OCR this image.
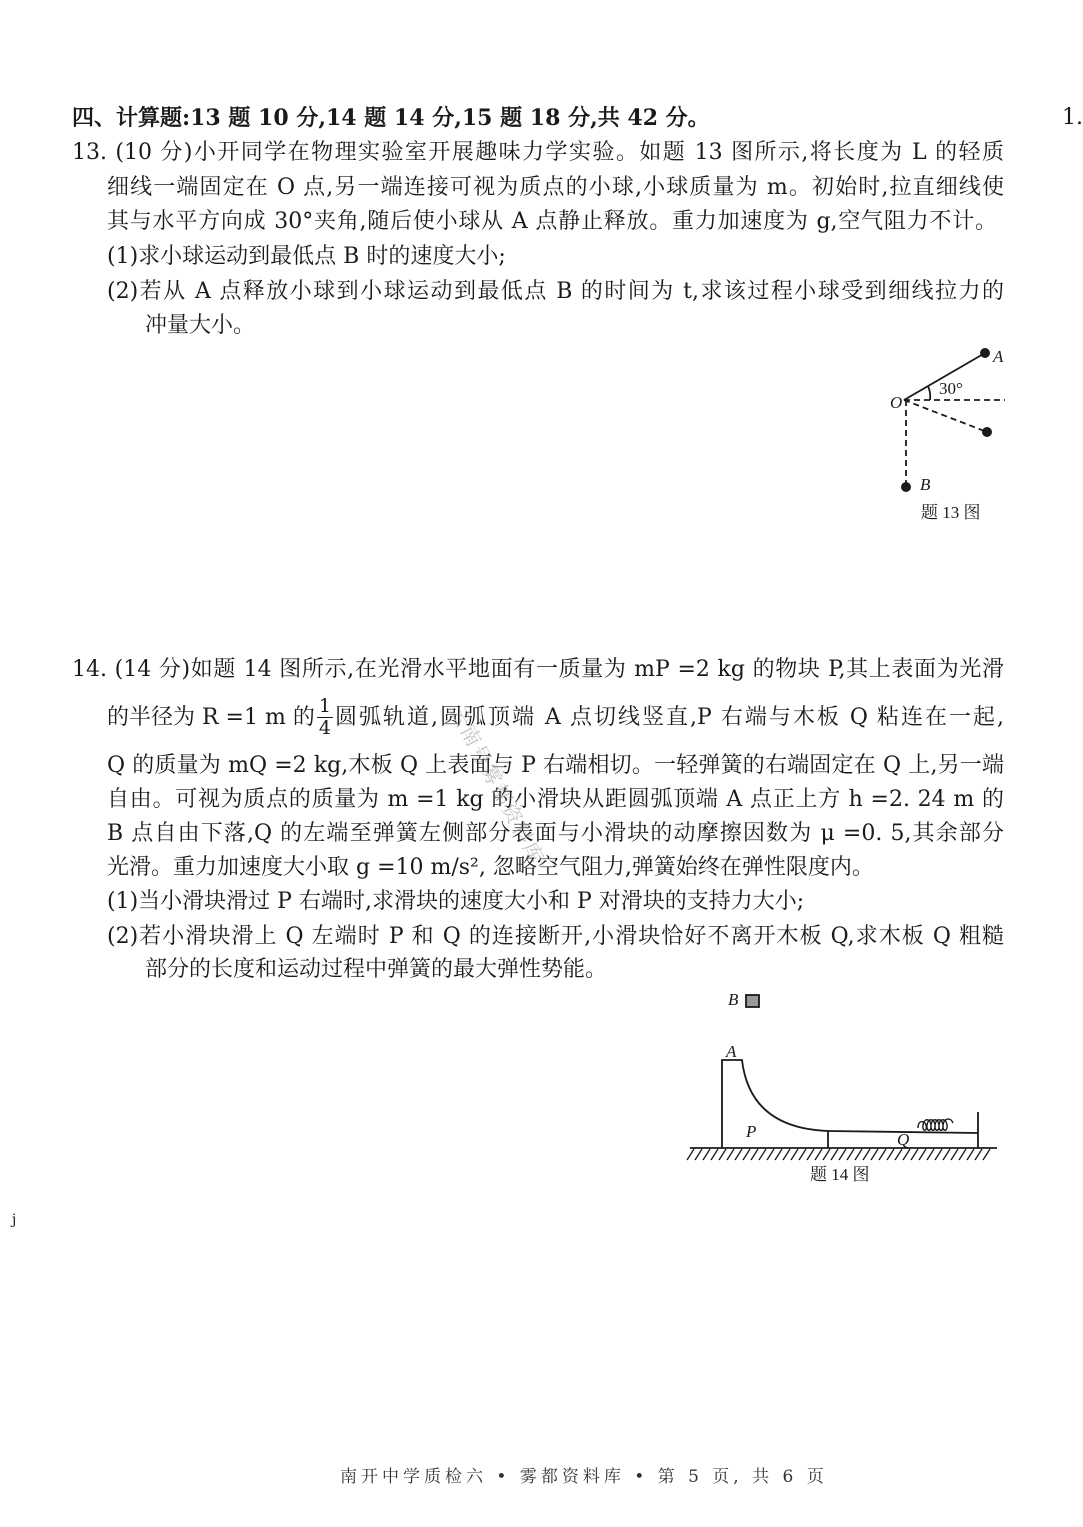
四、计算题:13 题 10 分,14 题 14 分,15 题 18 分,共 42 分。	1.
13. (10 分)小开同学在物理实验室开展趣味力学实验。如题 13 图所示,将长度为 L 的轻质
细线一端固定在 O 点,另一端连接可视为质点的小球,小球质量为 m。初始时,拉直细线使
其与水平方向成 30°夹角,随后使小球从 A 点静止释放。重力加速度为 g,空气阻力不计。
(1)求小球运动到最低点 B 时的速度大小;
(2)若从 A 点释放小球到小球运动到最低点 B 的时间为 t,求该过程小球受到细线拉力的
冲量大小。
A
O
30°
B
题 13 图
14. (14 分)如题 14 图所示,在光滑水平地面有一质量为 mP =2 kg 的物块 P,其上表面为光滑
的半径为 R =1 m 的 $\frac{1}{4}$ 圆弧轨道,圆弧顶端 A 点切线竖直,P 右端与木板 Q 粘连在一起,
Q 的质量为 mQ =2 kg,木板 Q 上表面与 P 右端相切。一轻弹簧的右端固定在 Q 上,另一端
自由。可视为质点的质量为 m =1 kg 的小滑块从距圆弧顶端 A 点正上方 h =2. 24 m 的
B 点自由下落,Q 的左端至弹簧左侧部分表面与小滑块的动摩擦因数为 μ =0. 5,其余部分
光滑。重力加速度大小取 g =10 m/s², 忽略空气阻力,弹簧始终在弹性限度内。
(1)当小滑块滑过 P 右端时,求滑块的速度大小和 P 对滑块的支持力大小;
(2)若小滑块滑上 Q 左端时 P 和 Q 的连接断开,小滑块恰好不离开木板 Q,求木板 Q 粗糙
部分的长度和运动过程中弹簧的最大弹性势能。
云南号雾都资料库
B
A
P	Q
题 14 图
j
南开中学质检六 • 雾都资料库 • 第 5 页, 共 6 页
